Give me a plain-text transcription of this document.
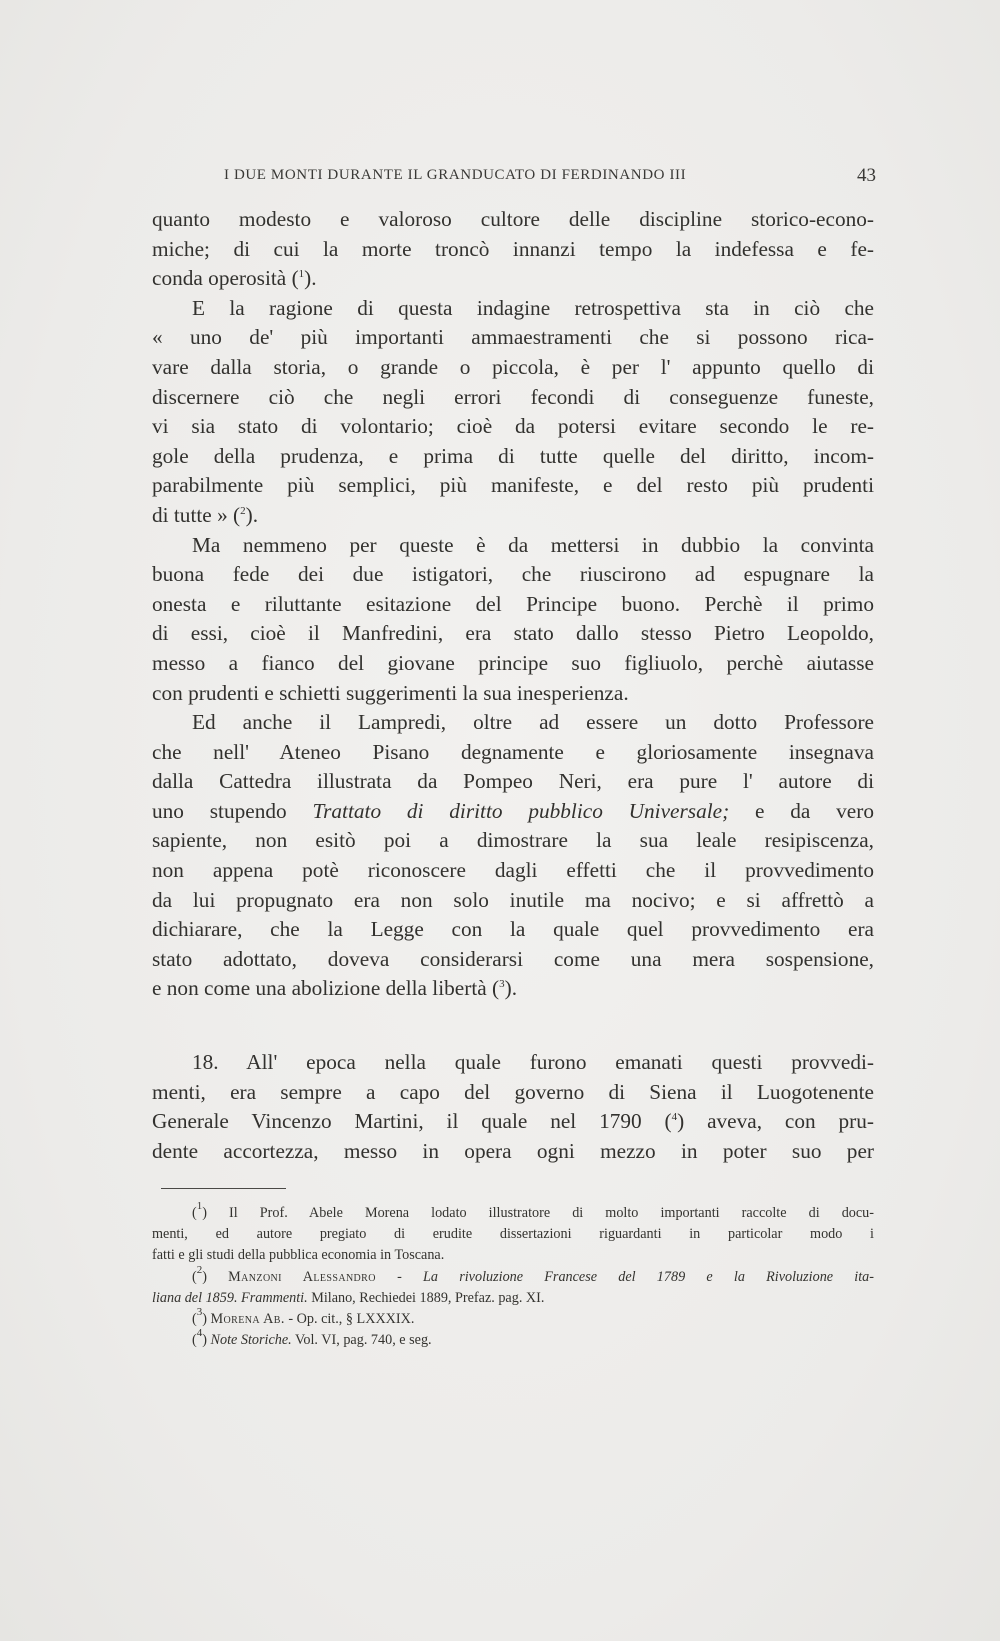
I DUE MONTI DURANTE IL GRANDUCATO DI FERDINANDO III	43
quanto modesto e valoroso cultore delle discipline storico-econo-
miche; di cui la morte troncò innanzi tempo la indefessa e fe-
conda operosità ($^1$).
E la ragione di questa indagine retrospettiva sta in ciò che
« uno de' più importanti ammaestramenti che si possono rica-
vare dalla storia, o grande o piccola, è per l' appunto quello di
discernere ciò che negli errori fecondi di conseguenze funeste,
vi sia stato di volontario; cioè da potersi evitare secondo le re-
gole della prudenza, e prima di tutte quelle del diritto, incom-
parabilmente più semplici, più manifeste, e del resto più prudenti
di tutte » ($^2$).
Ma nemmeno per queste è da mettersi in dubbio la convinta
buona fede dei due istigatori, che riuscirono ad espugnare la
onesta e riluttante esitazione del Principe buono. Perchè il primo
di essi, cioè il Manfredini, era stato dallo stesso Pietro Leopoldo,
messo a fianco del giovane principe suo figliuolo, perchè aiutasse
con prudenti e schietti suggerimenti la sua inesperienza.
Ed anche il Lampredi, oltre ad essere un dotto Professore
che nell' Ateneo Pisano degnamente e gloriosamente insegnava
dalla Cattedra illustrata da Pompeo Neri, era pure l' autore di
uno stupendo Trattato di diritto pubblico Universale; e da vero
sapiente, non esitò poi a dimostrare la sua leale resipiscenza,
non appena potè riconoscere dagli effetti che il provvedimento
da lui propugnato era non solo inutile ma nocivo; e si affrettò a
dichiarare, che la Legge con la quale quel provvedimento era
stato adottato, doveva considerarsi come una mera sospensione,
e non come una abolizione della libertà ($^3$).
18. All' epoca nella quale furono emanati questi provvedi-
menti, era sempre a capo del governo di Siena il Luogotenente
Generale Vincenzo Martini, il quale nel 1790 ($^4$) aveva, con pru-
dente accortezza, messo in opera ogni mezzo in poter suo per
($^1$) Il Prof. Abele Morena lodato illustratore di molto importanti raccolte di docu-
menti, ed autore pregiato di erudite dissertazioni riguardanti in particolar modo i
fatti e gli studi della pubblica economia in Toscana.
($^2$) Manzoni Alessandro - La rivoluzione Francese del 1789 e la Rivoluzione ita-
liana del 1859. Frammenti. Milano, Rechiedei 1889, Prefaz. pag. XI.
($^3$) Morena Ab. - Op. cit., § LXXXIX.
($^4$) Note Storiche. Vol. VI, pag. 740, e seg.
